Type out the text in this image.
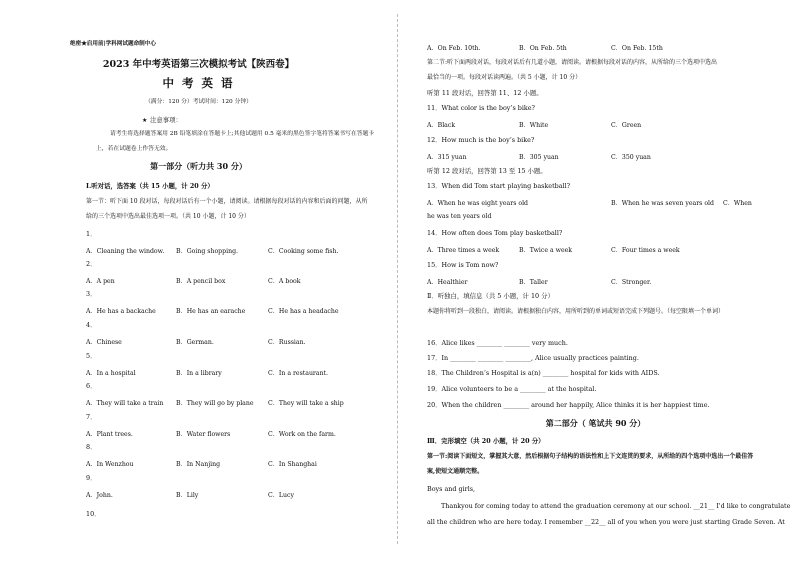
绝密★启用前|学科网试题命制中心
2023 年中考英语第三次模拟考试【陕西卷】
中 考 英 语
（满分：120 分）考试时间：120 分钟）
★ 注意事项：
请考生将选择题答案用 2B 铅笔填涂在答题卡上;其他试题用 0.5 毫米的黑色签字笔将答案书写在答题卡
上，若在试题卷上作答无效。
第一部分（听力共 30 分）
Ⅰ.听对话，选答案（共 15 小题，计 20 分）
第一节：听下面 10 段对话，每段对话后有一个小题，请阅读。请根据每段对话的内容和后面的问题，从所
给的三个选项中选出最佳选项一项。（共 10 小题，计 10 分）
1．
A．Cleaning the window. B．Going shopping.	C．Cooking some fish.
2．
A．A pen	B．A pencil box	C．A book
3．
A．He has a backache	B．He has an earache	C．He has a headache
4．
A．Chinese	B．German.	C．Russian.
5．
A．In a hospital	B．In a library	C．In a restaurant.
6．
A．They will take a train B．They will go by plane C．They will take a ship
7．
A．Plant trees.	B．Water flowers	C．Work on the farm.
8．
A．In Wenzhou	B．In Nanjing	C．In Shanghai
9．
A．John.	B．Lily	C．Lucy
10．
A．On Feb. 10th.	B．On Feb. 5th	C．On Feb. 15th
第二节:听下面两段对话，每段对话后有几道小题，请阅读。请根据每段对话的内容，从所给的三个选项中选出
最恰当的一项。每段对话读两遍。（共 5 小题，计 10 分）
听第 11 段对话，回答第 11、12 小题。
11．What color is the boy’s bike?
A．Black	B．White	C．Green
12．How much is the boy’s bike?
A．315 yuan	B．305 yuan	C．350 yuan
听第 12 段对话，回答第 13 至 15 小题。
13．When did Tom start playing basketball?
A．When he was eight years old	B．When he was seven years old C．When
he was ten years old
14．How often does Tom play basketball?
A．Three times a week	B．Twice a week	C．Four times a week
15．How is Tom now?
A．Healthier	B．Taller	C．Stronger.
Ⅱ．听独白，填信息（共 5 小题，计 10 分）
本题你将听到一段独白，请阅读。请根据独白内容，用所听到的单词或短语完成下列题号。（每空限填一个单词）
16．Alice likes ________ ________ very much.
17．In ________ ________ ________, Alice usually practices painting.
18．The Children’s Hospital is a(n) ________ hospital for kids with AIDS.
19．Alice volunteers to be a ________ at the hospital.
20．When the children ________ around her happily, Alice thinks it is her happiest time.
第二部分（ 笔试共 90 分）
Ⅲ．完形填空（共 20 小题，计 20 分）
第一节:阅读下面短文，掌握其大意，然后根据句子结构的语法性和上下文连贯的要求，从所给的四个选项中选出一个最佳答
案,使短文通顺完整。
Boys and girls,
Thankyou for coming today to attend the graduation ceremony at our school. __21__ I'd like to congratulate
all the children who are here today. I remember __22__ all of you when you were just starting Grade Seven. At
